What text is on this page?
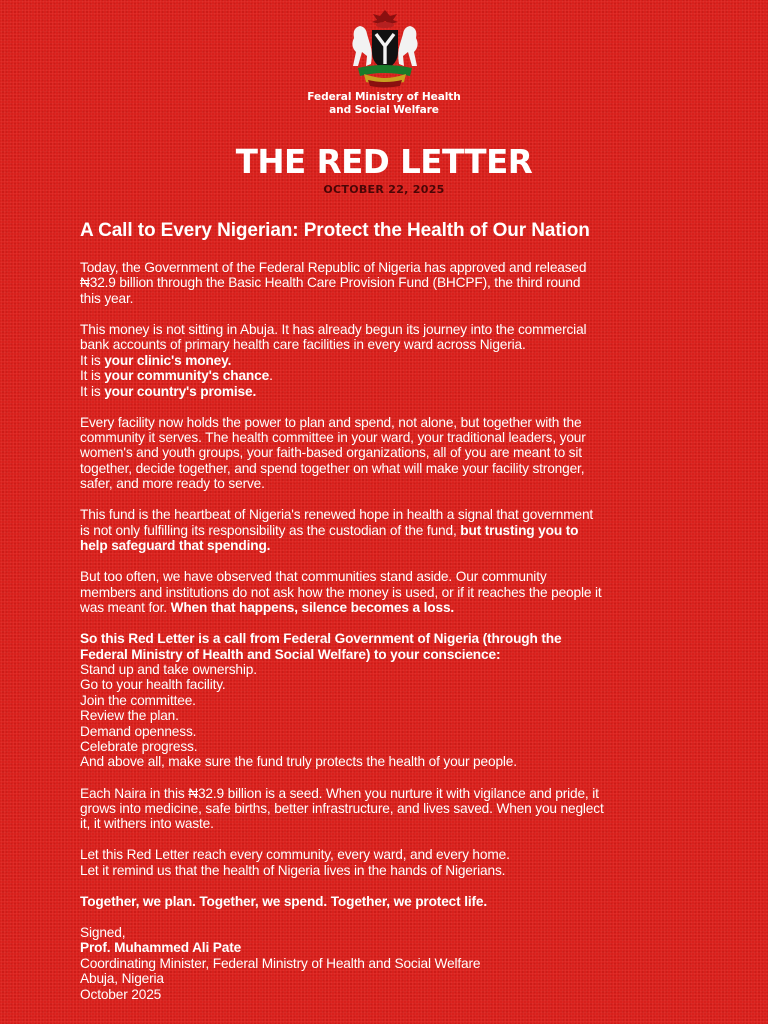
Federal Ministry of Health
and Social Welfare
THE RED LETTER
OCTOBER 22, 2025
A Call to Every Nigerian: Protect the Health of Our Nation

Today, the Government of the Federal Republic of Nigeria has approved and released
₦32.9 billion through the Basic Health Care Provision Fund (BHCPF), the third round
this year.

This money is not sitting in Abuja. It has already begun its journey into the commercial
bank accounts of primary health care facilities in every ward across Nigeria.
It is your clinic's money.
It is your community's chance.
It is your country's promise.

Every facility now holds the power to plan and spend, not alone, but together with the
community it serves. The health committee in your ward, your traditional leaders, your
women's and youth groups, your faith-based organizations, all of you are meant to sit
together, decide together, and spend together on what will make your facility stronger,
safer, and more ready to serve.

This fund is the heartbeat of Nigeria's renewed hope in health a signal that government
is not only fulfilling its responsibility as the custodian of the fund, but trusting you to
help safeguard that spending.

But too often, we have observed that communities stand aside. Our community
members and institutions do not ask how the money is used, or if it reaches the people it
was meant for. When that happens, silence becomes a loss.

So this Red Letter is a call from Federal Government of Nigeria (through the
Federal Ministry of Health and Social Welfare) to your conscience:
Stand up and take ownership.
Go to your health facility.
Join the committee.
Review the plan.
Demand openness.
Celebrate progress.
And above all, make sure the fund truly protects the health of your people.

Each Naira in this ₦32.9 billion is a seed. When you nurture it with vigilance and pride, it
grows into medicine, safe births, better infrastructure, and lives saved. When you neglect
it, it withers into waste.

Let this Red Letter reach every community, every ward, and every home.
Let it remind us that the health of Nigeria lives in the hands of Nigerians.

Together, we plan. Together, we spend. Together, we protect life.

Signed,
Prof. Muhammed Ali Pate
Coordinating Minister, Federal Ministry of Health and Social Welfare
Abuja, Nigeria
October 2025
